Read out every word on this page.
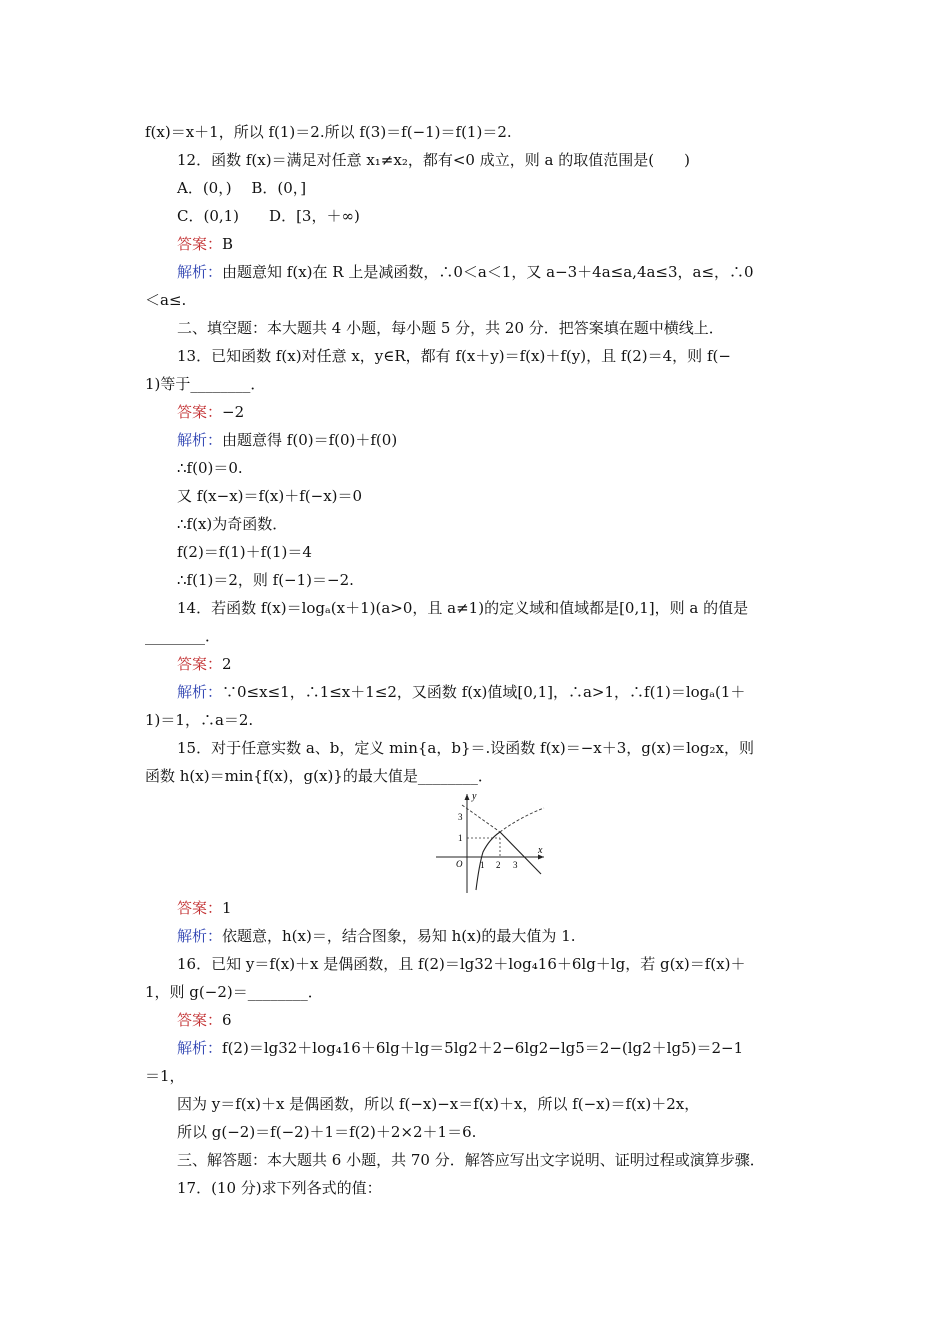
f(x)＝x＋1，所以 f(1)＝2.所以 f(3)＝f(−1)＝f(1)＝2.
12．函数 f(x)＝满足对任意 x₁≠x₂，都有<0 成立，则 a 的取值范围是(　　)
A．(0，)　 B．(0，]
C．(0,1)　　D．[3，＋∞)
答案：B
解析：由题意知 f(x)在 R 上是减函数，∴0＜a＜1，又 a−3＋4a≤a,4a≤3，a≤，∴0
＜a≤.
二、填空题：本大题共 4 小题，每小题 5 分，共 20 分．把答案填在题中横线上．
13．已知函数 f(x)对任意 x，y∈R，都有 f(x＋y)＝f(x)＋f(y)，且 f(2)＝4，则 f(−
1)等于________．
答案：−2
解析：由题意得 f(0)＝f(0)＋f(0)
∴f(0)＝0.
又 f(x−x)＝f(x)＋f(−x)＝0
∴f(x)为奇函数．
f(2)＝f(1)＋f(1)＝4
∴f(1)＝2，则 f(−1)＝−2.
14．若函数 f(x)＝logₐ(x＋1)(a>0，且 a≠1)的定义域和值域都是[0,1]，则 a 的值是
________．
答案：2
解析：∵0≤x≤1，∴1≤x＋1≤2，又函数 f(x)值域[0,1]，∴a>1，∴f(1)＝logₐ(1＋
1)＝1，∴a＝2.
15．对于任意实数 a、b，定义 min{a，b}＝.设函数 f(x)＝−x＋3，g(x)＝log₂x，则
函数 h(x)＝min{f(x)，g(x)}的最大值是________．
y
x
O
3
1
1 2 3
答案：1
解析：依题意，h(x)＝，结合图象，易知 h(x)的最大值为 1.
16．已知 y＝f(x)＋x 是偶函数，且 f(2)＝lg32＋log₄16＋6lg＋lg，若 g(x)＝f(x)＋
1，则 g(−2)＝________．
答案：6
解析：f(2)＝lg32＋log₄16＋6lg＋lg＝5lg2＋2−6lg2−lg5＝2−(lg2＋lg5)＝2−1
＝1，
因为 y＝f(x)＋x 是偶函数，所以 f(−x)−x＝f(x)＋x，所以 f(−x)＝f(x)＋2x，
所以 g(−2)＝f(−2)＋1＝f(2)＋2×2＋1＝6.
三、解答题：本大题共 6 小题，共 70 分．解答应写出文字说明、证明过程或演算步骤．
17．(10 分)求下列各式的值：
